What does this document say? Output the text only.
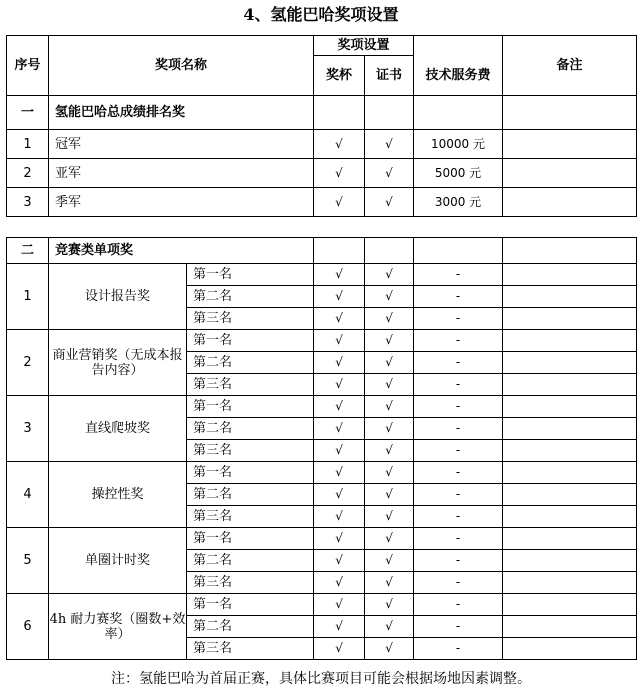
4、氢能巴哈奖项设置
序号	奖项名称	奖项设置			备注
		奖杯	证书	技术服务费	
一	氢能巴哈总成绩排名奖				
1	冠军	√	√	10000 元	
2	亚军	√	√	5000 元	
3	季军	√	√	3000 元	
二	竞赛类单项奖					
1	设计报告奖	第一名	√	√	-	
		第二名	√	√	-	
		第三名	√	√	-	
2	商业营销奖（无成本报告内容）	第一名	√	√	-	
		第二名	√	√	-	
		第三名	√	√	-	
3	直线爬坡奖	第一名	√	√	-	
		第二名	√	√	-	
		第三名	√	√	-	
4	操控性奖	第一名	√	√	-	
		第二名	√	√	-	
		第三名	√	√	-	
5	单圈计时奖	第一名	√	√	-	
		第二名	√	√	-	
		第三名	√	√	-	
6	4h 耐力赛奖（圈数+效率）	第一名	√	√	-	
		第二名	√	√	-	
		第三名	√	√	-	
注：氢能巴哈为首届正赛，具体比赛项目可能会根据场地因素调整。
